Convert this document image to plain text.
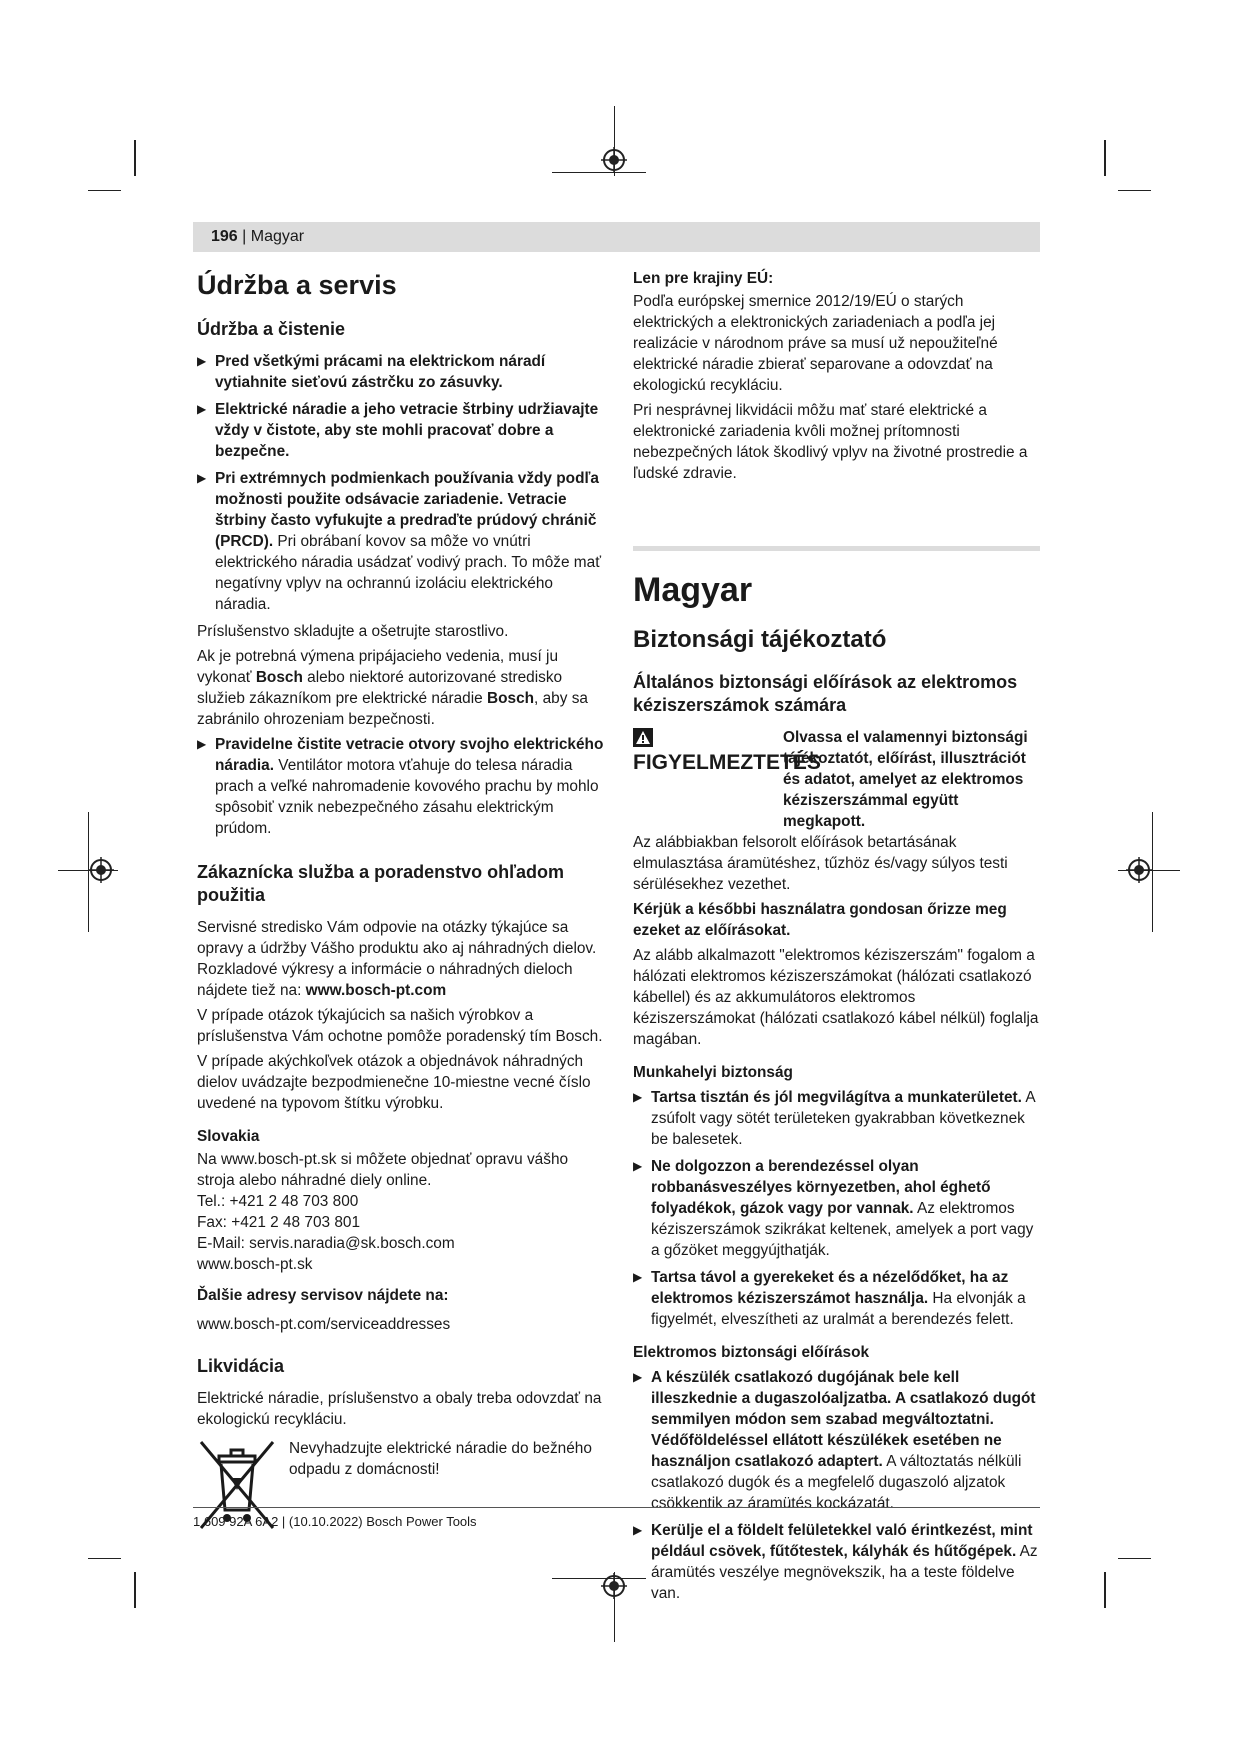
196 | Magyar
Údržba a servis
Údržba a čistenie
▶ Pred všetkými prácami na elektrickom náradí vytiahnite sieťovú zástrčku zo zásuvky.
▶ Elektrické náradie a jeho vetracie štrbiny udržiavajte vždy v čistote, aby ste mohli pracovať dobre a bezpečne.
▶ Pri extrémnych podmienkach používania vždy podľa možnosti použite odsávacie zariadenie. Vetracie štrbiny často vyfukujte a predraďte prúdový chránič (PRCD). Pri obrábaní kovov sa môže vo vnútri elektrického náradia usádzať vodivý prach. To môže mať negatívny vplyv na ochrannú izoláciu elektrického náradia.

Príslušenstvo skladujte a ošetrujte starostlivo.

Ak je potrebná výmena pripájacieho vedenia, musí ju vykonať Bosch alebo niektoré autorizované stredisko služieb zákazníkom pre elektrické náradie Bosch, aby sa zabránilo ohrozeniam bezpečnosti.

▶ Pravidelne čistite vetracie otvory svojho elektrického náradia. Ventilátor motora vťahuje do telesa náradia prach a veľké nahromadenie kovového prachu by mohlo spôsobiť vznik nebezpečného zásahu elektrickým prúdom.
Zákaznícka služba a poradenstvo ohľadom použitia

Servisné stredisko Vám odpovie na otázky týkajúce sa opravy a údržby Vášho produktu ako aj náhradných dielov. Rozkladové výkresy a informácie o náhradných dieloch nájdete tiež na: www.bosch-pt.com

V prípade otázok týkajúcich sa našich výrobkov a príslušenstva Vám ochotne pomôže poradenský tím Bosch.

V prípade akýchkoľvek otázok a objednávok náhradných dielov uvádzajte bezpodmienečne 10-miestne vecné číslo uvedené na typovom štítku výrobku.

Slovakia

Na www.bosch-pt.sk si môžete objednať opravu vášho stroja alebo náhradné diely online.

Tel.: +421 2 48 703 800
Fax: +421 2 48 703 801
E-Mail: servis.naradia@sk.bosch.com
www.bosch-pt.sk
Ďalšie adresy servisov nájdete na:

www.bosch-pt.com/serviceaddresses

Likvidácia

Elektrické náradie, príslušenstvo a obaly treba odovzdať na ekologickú recykláciu.

Nevyhadzujte elektrické náradie do bežného odpadu z domácnosti!
Len pre krajiny EÚ:

Podľa európskej smernice 2012/19/EÚ o starých elektrických a elektronických zariadeniach a podľa jej realizácie v národnom práve sa musí už nepoužiteľné elektrické náradie zbierať separovane a odovzdať na ekologickú recykláciu.

Pri nesprávnej likvidácii môžu mať staré elektrické a elektronické zariadenia kvôli možnej prítomnosti nebezpečných látok škodlivý vplyv na životné prostredie a ľudské zdravie.

Magyar
Biztonsági tájékoztató
Általános biztonsági előírások az elektromos kéziszerszámok számára
FIGYELMEZTETÉS
Olvassa el valamennyi biztonsági tájékoztatót, előírást, illusztrációt és adatot, amelyet az elektromos kéziszerszámmal együtt megkapott.

Az alábbiakban felsorolt előírások betartásának elmulasztása áramütéshez, tűzhöz és/vagy súlyos testi sérülésekhez vezethet.

Kérjük a későbbi használatra gondosan őrizze meg ezeket az előírásokat.

Az alább alkalmazott "elektromos kéziszerszám" fogalom a hálózati elektromos kéziszerszámokat (hálózati csatlakozó kábellel) és az akkumulátoros elektromos kéziszerszámokat (hálózati csatlakozó kábel nélkül) foglalja magában.

Munkahelyi biztonság
▶ Tartsa tisztán és jól megvilágítva a munkaterületet. A zsúfolt vagy sötét területeken gyakrabban következnek be balesetek.
▶ Ne dolgozzon a berendezéssel olyan robbanásveszélyes környezetben, ahol éghető folyadékok, gázok vagy por vannak. Az elektromos kéziszerszámok szikrákat keltenek, amelyek a port vagy a gőzöket meggyújthatják.
▶ Tartsa távol a gyerekeket és a nézelődőket, ha az elektromos kéziszerszámot használja. Ha elvonják a figyelmét, elveszítheti az uralmát a berendezés felett.
Elektromos biztonsági előírások
▶ A készülék csatlakozó dugójának bele kell illeszkednie a dugaszolóaljzatba. A csatlakozó dugót semmilyen módon sem szabad megváltoztatni. Védőföldeléssel ellátott készülékek esetében ne használjon csatlakozó adaptert. A változtatás nélküli csatlakozó dugók és a megfelelő dugaszoló aljzatok csökkentik az áramütés kockázatát.
▶ Kerülje el a földelt felületekkel való érintkezést, mint például csövek, fűtőtestek, kályhák és hűtőgépek. Az áramütés veszélye megnövekszik, ha a teste földelve van.
1 609 92A 6A2 | (10.10.2022) Bosch Power Tools
